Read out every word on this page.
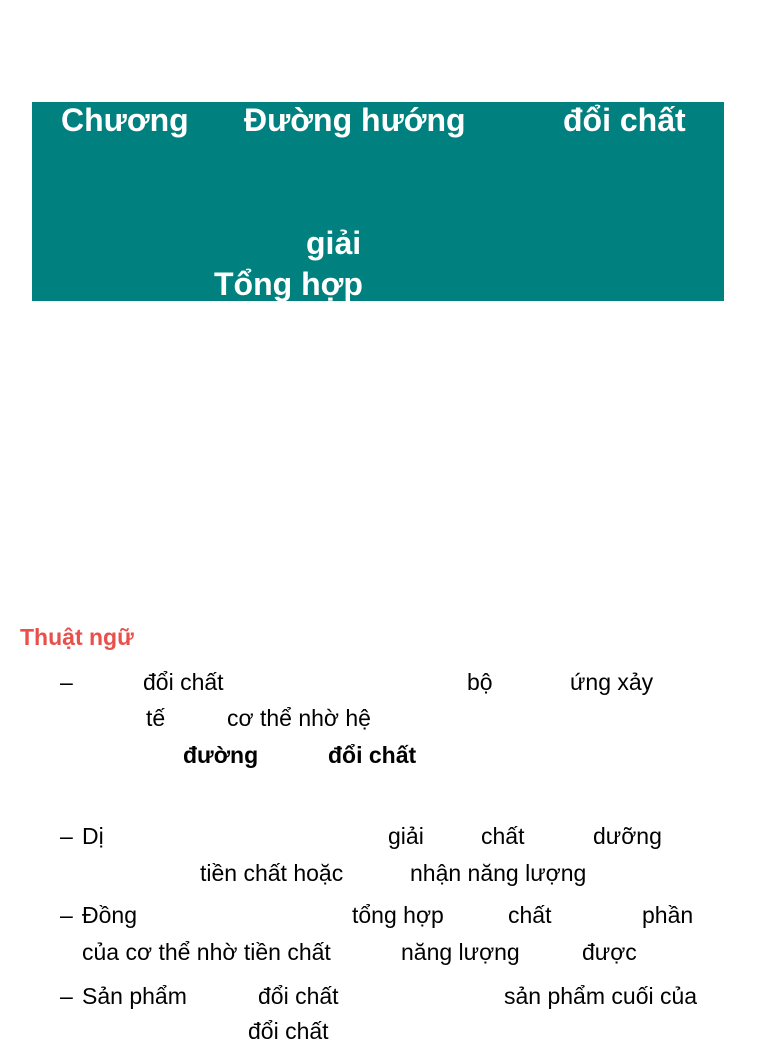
Chương Đường hướng	đổi chất
giải
Tổng hợp
Thuật ngữ
–	đổi chất	bộ	ứng xảy
tế	cơ thể nhờ hệ
đường	đổi chất
– Dị	giải chất	dưỡng
tiền chất hoặc	nhận năng lượng
– Đồng	tổng hợp	chất	phần
của cơ thể nhờ tiền chất	năng lượng	được
– Sản phẩm	đổi chất	sản phẩm cuối của
đổi chất
